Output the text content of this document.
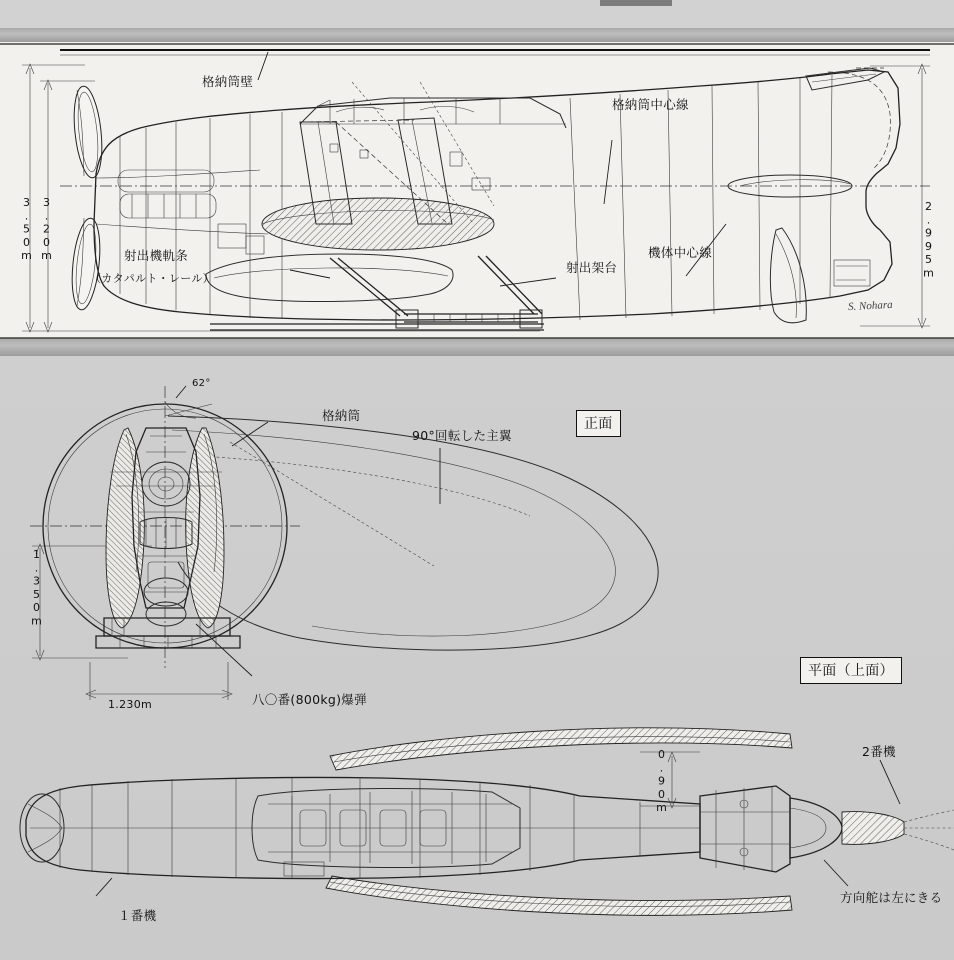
格納筒壁
格納筒中心線
射出機軌条
（カタパルト・レール）
射出架台
機体中心線
3.50m 3.20m	2.995m
S. Nohara
62°
格納筒
90°回転した主翼
八〇番(800kg)爆弾
1.350m
1.230m
正面
平面（上面）
0.90m	2番機
１番機
方向舵は左にきる
